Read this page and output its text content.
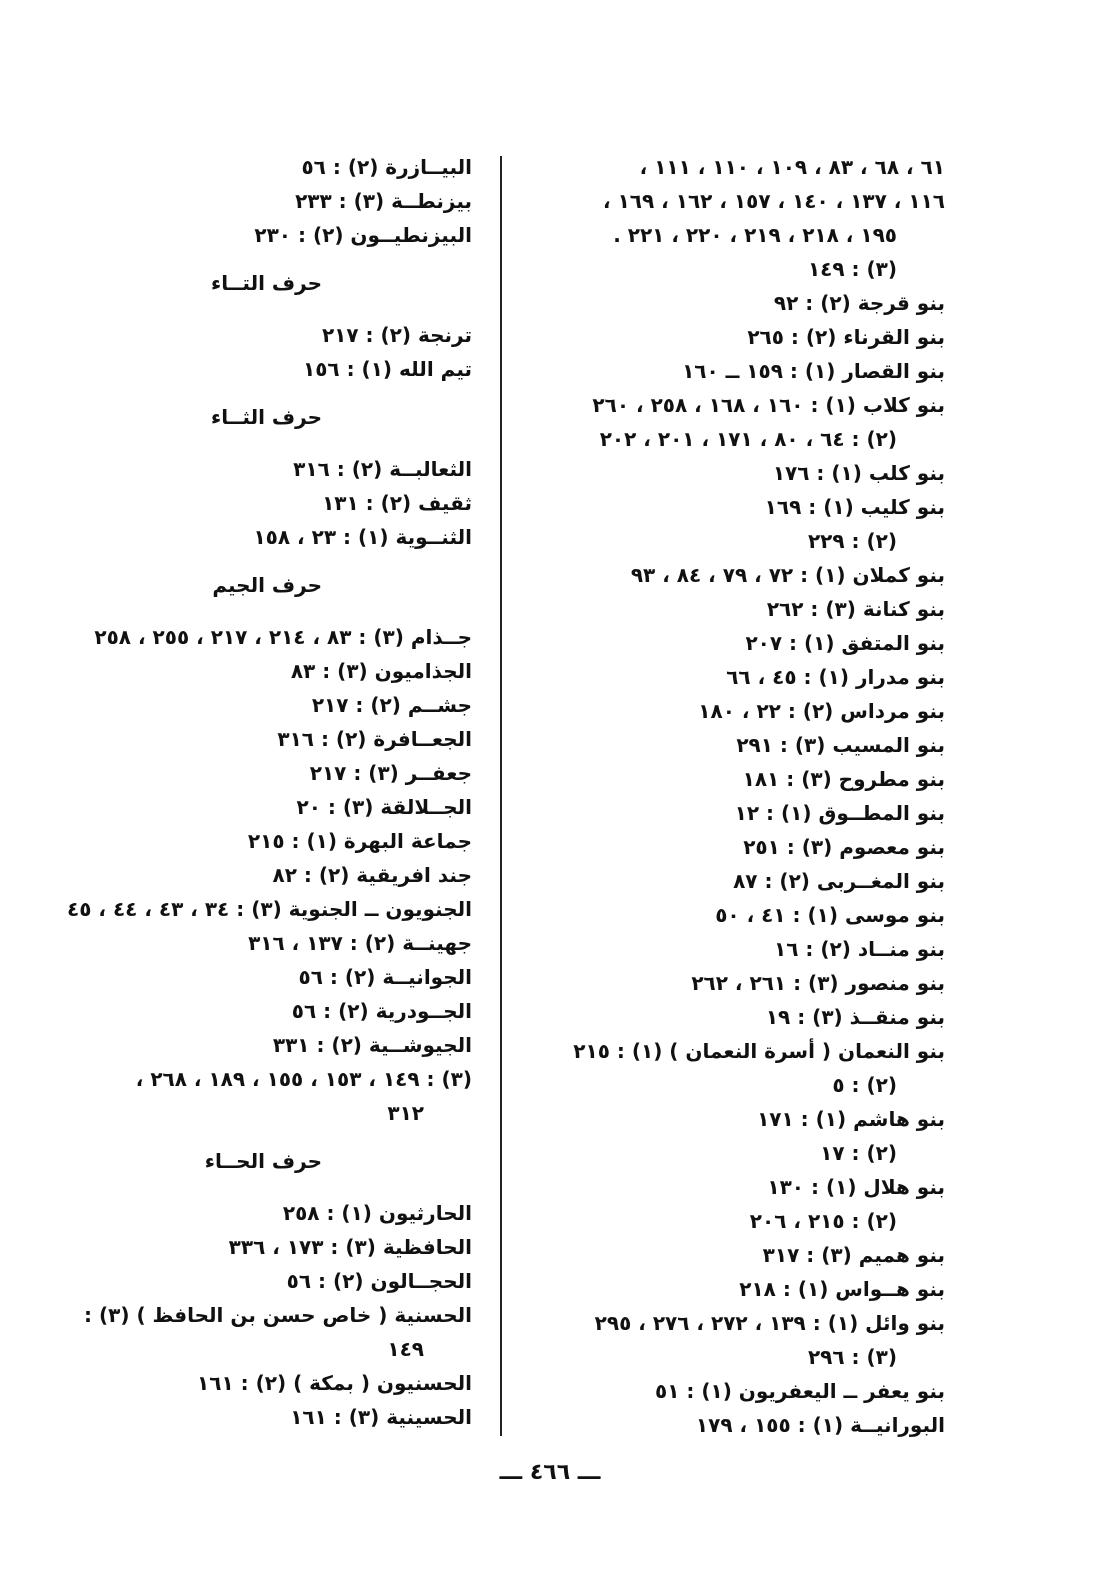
٦١ ، ٦٨ ، ٨٣ ، ١٠٩ ، ١١٠ ، ١١١ ،
١١٦ ، ١٣٧ ، ١٤٠ ، ١٥٧ ، ١٦٢ ، ١٦٩ ،
١٩٥ ، ٢١٨ ، ٢١٩ ، ٢٢٠ ، ٢٢١ .
(٣) : ١٤٩
بنو قرجة (٢) : ٩٢
بنو القرناء (٢) : ٢٦٥
بنو القصار (١) : ١٥٩ ــ ١٦٠
بنو كلاب (١) : ١٦٠ ، ١٦٨ ، ٢٥٨ ، ٢٦٠
(٢) : ٦٤ ، ٨٠ ، ١٧١ ، ٢٠١ ، ٢٠٢
بنو كلب (١) : ١٧٦
بنو كليب (١) : ١٦٩
(٢) : ٢٢٩
بنو كملان (١) : ٧٢ ، ٧٩ ، ٨٤ ، ٩٣
بنو كنانة (٣) : ٢٦٢
بنو المتفق (١) : ٢٠٧
بنو مدرار (١) : ٤٥ ، ٦٦
بنو مرداس (٢) : ٢٢ ، ١٨٠
بنو المسيب (٣) : ٢٩١
بنو مطروح (٣) : ١٨١
بنو المطــوق (١) : ١٢
بنو معصوم (٣) : ٢٥١
بنو المغــربى (٢) : ٨٧
بنو موسى (١) : ٤١ ، ٥٠
بنو منــاد (٢) : ١٦
بنو منصور (٣) : ٢٦١ ، ٢٦٢
بنو منقــذ (٣) : ١٩
بنو النعمان ( أسرة النعمان ) (١) : ٢١٥
(٢) : ٥
بنو هاشم (١) : ١٧١
(٢) : ١٧
بنو هلال (١) : ١٣٠
(٢) : ٢١٥ ، ٢٠٦
بنو هميم (٣) : ٣١٧
بنو هــواس (١) : ٢١٨
بنو وائل (١) : ١٣٩ ، ٢٧٢ ، ٢٧٦ ، ٢٩٥
(٣) : ٢٩٦
بنو يعفر ــ اليعفريون (١) : ٥١
البورانيــة (١) : ١٥٥ ، ١٧٩
البيــازرة (٢) : ٥٦
بيزنطــة (٣) : ٢٣٣
البيزنطيــون (٢) : ٢٣٠
حرف التــاء
ترنجة (٢) : ٢١٧
تيم الله (١) : ١٥٦
حرف الثــاء
الثعالبــة (٢) : ٣١٦
ثقيف (٢) : ١٣١
الثنــوية (١) : ٢٣ ، ١٥٨
حرف الجيم
جــذام (٣) : ٨٣ ، ٢١٤ ، ٢١٧ ، ٢٥٥ ، ٢٥٨
الجذاميون (٣) : ٨٣
جشــم (٢) : ٢١٧
الجعــافرة (٢) : ٣١٦
جعفــر (٣) : ٢١٧
الجــلالقة (٣) : ٢٠
جماعة البهرة (١) : ٢١٥
جند افريقية (٢) : ٨٢
الجنويون ــ الجنوية (٣) : ٣٤ ، ٤٣ ، ٤٤ ، ٤٥
جهينــة (٢) : ١٣٧ ، ٣١٦
الجوانيــة (٢) : ٥٦
الجــودرية (٢) : ٥٦
الجيوشــية (٢) : ٣٣١
(٣) : ١٤٩ ، ١٥٣ ، ١٥٥ ، ١٨٩ ، ٢٦٨ ،
٣١٢
حرف الحــاء
الحارثيون (١) : ٢٥٨
الحافظية (٣) : ١٧٣ ، ٣٣٦
الحجــالون (٢) : ٥٦
الحسنية ( خاص حسن بن الحافظ ) (٣) :
١٤٩
الحسنيون ( بمكة ) (٢) : ١٦١
الحسينية (٣) : ١٦١
ـــ ٤٦٦ ـــ
